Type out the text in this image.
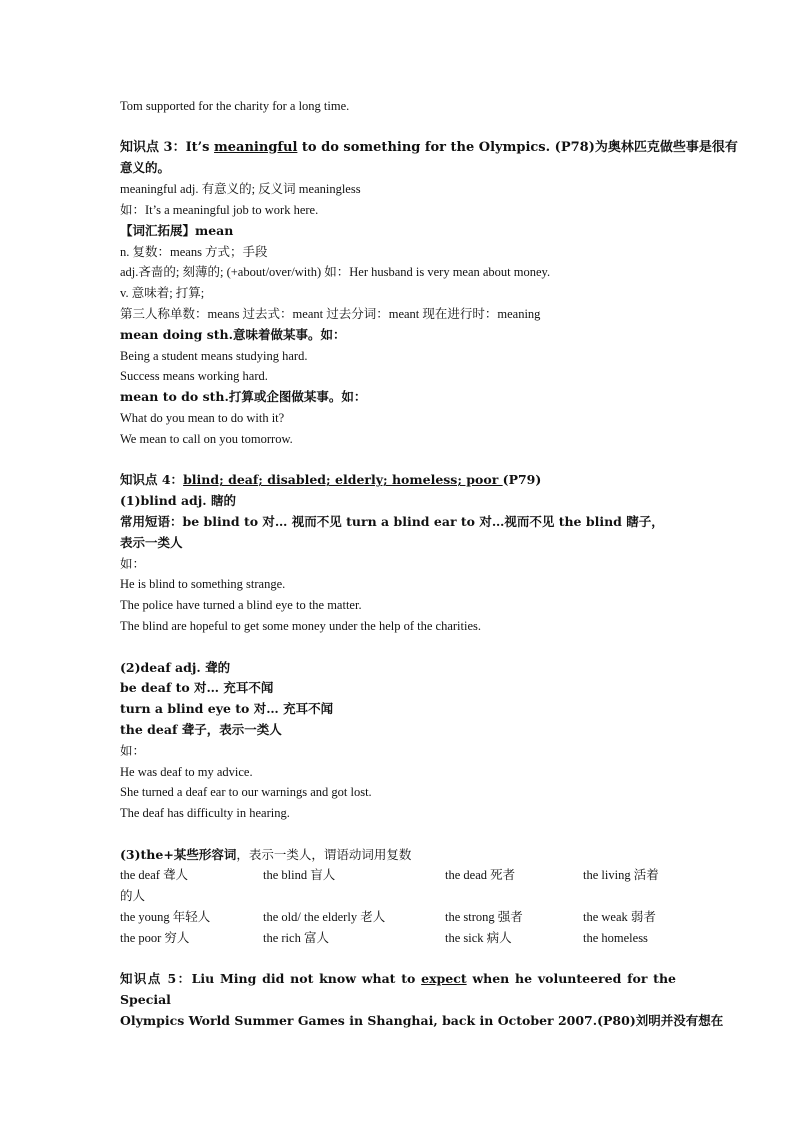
Tom supported for the charity for a long time.
知识点 3：It’s meaningful to do something for the Olympics. (P78)为奥林匹克做些事是很有
意义的。
meaningful adj. 有意义的; 反义词 meaningless
如：It’s a meaningful job to work here.
【词汇拓展】mean
n. 复数：means 方式；手段
adj.吝啬的; 刻薄的; (+about/over/with) 如：Her husband is very mean about money.
v. 意味着; 打算;
第三人称单数：means 过去式：meant 过去分词：meant 现在进行时：meaning
mean doing sth.意味着做某事。如：
Being a student means studying hard.
Success means working hard.
mean to do sth.打算或企图做某事。如：
What do you mean to do with it?
We mean to call on you tomorrow.
知识点 4：blind; deaf; disabled; elderly; homeless; poor (P79)
(1)blind adj. 瞎的
常用短语：be blind to 对… 视而不见 turn a blind ear to 对…视而不见 the blind 瞎子，
表示一类人
如：
He is blind to something strange.
The police have turned a blind eye to the matter.
The blind are hopeful to get some money under the help of the charities.
(2)deaf adj. 聋的
be deaf to 对… 充耳不闻
turn a blind eye to 对… 充耳不闻
the deaf 聋子，表示一类人
如：
He was deaf to my advice.
She turned a deaf ear to our warnings and got lost.
The deaf has difficulty in hearing.
(3)the+某些形容词，表示一类人，谓语动词用复数
the deaf 聋人	the blind 盲人	the dead 死者	the living 活着
的人
the young 年轻人	the old/ the elderly 老人	the strong 强者	the weak 弱者
the poor 穷人	the rich 富人	the sick 病人	the homeless
知识点 5：Liu Ming did not know what to expect when he volunteered for the Special
Olympics World Summer Games in Shanghai, back in October 2007.(P80)刘明并没有想在
